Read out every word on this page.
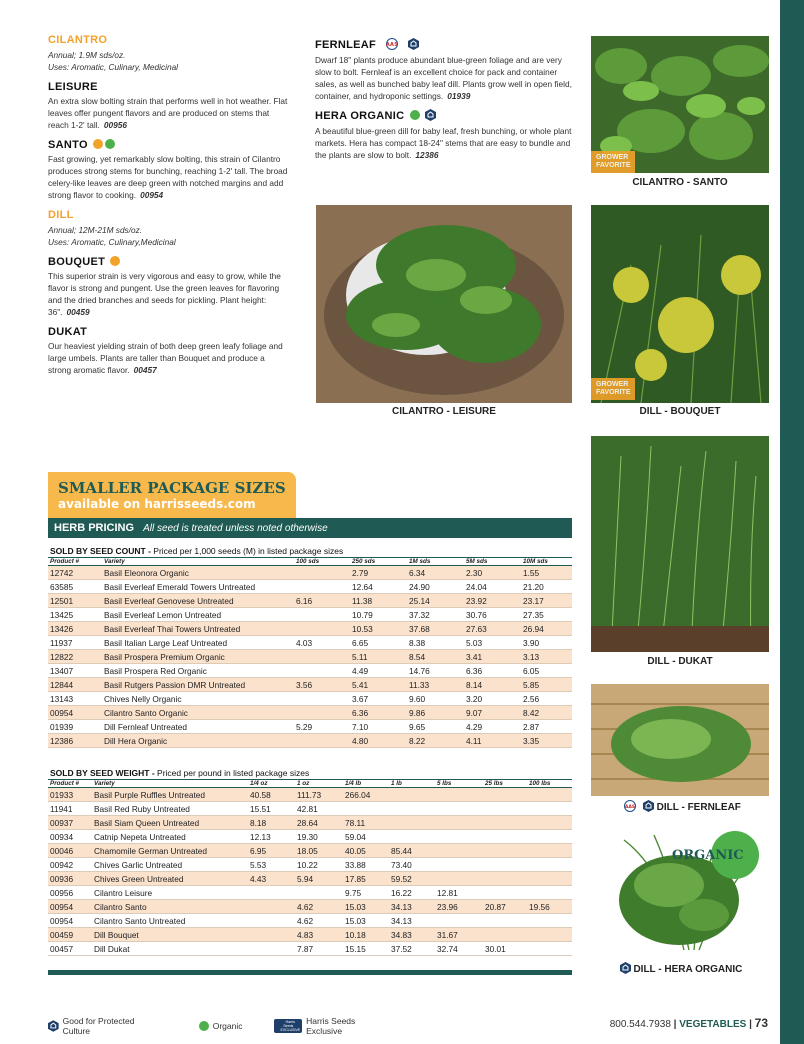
CILANTRO
Annual; 1.9M sds/oz.
Uses: Aromatic, Culinary, Medicinal
LEISURE
An extra slow bolting strain that performs well in hot weather. Flat leaves offer pungent flavors and are produced on stems that reach 1-2' tall. 00956
SANTO
Fast growing, yet remarkably slow bolting, this strain of Cilantro produces strong stems for bunching, reaching 1-2' tall. The broad celery-like leaves are deep green with notched margins and add strong flavor to cooking. 00954
DILL
Annual; 12M-21M sds/oz.
Uses: Aromatic, Culinary,Medicinal
BOUQUET
This superior strain is very vigorous and easy to grow, while the flavor is strong and pungent. Use the green leaves for flavoring and the dried branches and seeds for pickling. Plant height: 36". 00459
DUKAT
Our heaviest yielding strain of both deep green leafy foliage and large umbels. Plants are taller than Bouquet and produce a strong aromatic flavor. 00457
FERNLEAF AAS

Dwarf 18" plants produce abundant blue-green foliage and are very slow to bolt. Fernleaf is an excellent choice for pack and container sales, as well as bunched baby leaf dill. Plants grow well in open field, container, and hydroponic settings. 01939
HERA ORGANIC
A beautiful blue-green dill for baby leaf, fresh bunching, or whole plant markets. Hera has compact 18-24" stems that are easy to bundle and the plants are slow to bolt. 12386	GROWER
FAVORITE
CILANTRO - SANTO
CILANTRO - LEISURE
GROWER
FAVORITE
DILL - BOUQUET
DILL - DUKAT
AAS DILL - FERNLEAF
ORGANIC
DILL - HERA ORGANIC
SMALLER PACKAGE SIZES
available on harrisseeds.com
HERB PRICING All seed is treated unless noted otherwise
SOLD BY SEED COUNT - Priced per 1,000 seeds (M) in listed package sizes
Product #	Variety	100 sds	250 sds	1M sds	5M sds	10M sds
12742	Basil Eleonora Organic		2.79	6.34	2.30	1.55
63585	Basil Everleaf Emerald Towers Untreated		12.64	24.90	24.04	21.20
12501	Basil Everleaf Genovese Untreated	6.16	11.38	25.14	23.92	23.17
13425	Basil Everleaf Lemon Untreated		10.79	37.32	30.76	27.35
13426	Basil Everleaf Thai Towers Untreated		10.53	37.68	27.63	26.94
11937	Basil Italian Large Leaf Untreated	4.03	6.65	8.38	5.03	3.90
12822	Basil Prospera Premium Organic		5.11	8.54	3.41	3.13
13407	Basil Prospera Red Organic		4.49	14.76	6.36	6.05
12844	Basil Rutgers Passion DMR Untreated	3.56	5.41	11.33	8.14	5.85
13143	Chives Nelly Organic		3.67	9.60	3.20	2.56
00954	Cilantro Santo Organic		6.36	9.86	9.07	8.42
01939	Dill Fernleaf Untreated	5.29	7.10	9.65	4.29	2.87
12386	Dill Hera Organic		4.80	8.22	4.11	3.35
SOLD BY SEED WEIGHT - Priced per pound in listed package sizes
Product #	Variety	1/4 oz	1 oz	1/4 lb	1 lb	5 lbs	25 lbs	100 lbs
01933	Basil Purple Ruffles Untreated	40.58	111.73	266.04				
11941	Basil Red Ruby Untreated	15.51	42.81					
00937	Basil Siam Queen Untreated	8.18	28.64	78.11				
00934	Catnip Nepeta Untreated	12.13	19.30	59.04				
00046	Chamomile German Untreated	6.95	18.05	40.05	85.44			
00942	Chives Garlic Untreated	5.53	10.22	33.88	73.40			
00936	Chives Green Untreated	4.43	5.94	17.85	59.52			
00956	Cilantro Leisure			9.75	16.22	12.81		
00954	Cilantro Santo		4.62	15.03	34.13	23.96	20.87	19.56
00954	Cilantro Santo Untreated		4.62	15.03	34.13			
00459	Dill Bouquet		4.83	10.18	34.83	31.67		
00457	Dill Dukat		7.87	15.15	37.52	32.74	30.01	
Good for Protected Culture	Organic	Harris Seeds
EXCLUSIVE
Harris Seeds Exclusive
800.544.7938 | VEGETABLES | 73
